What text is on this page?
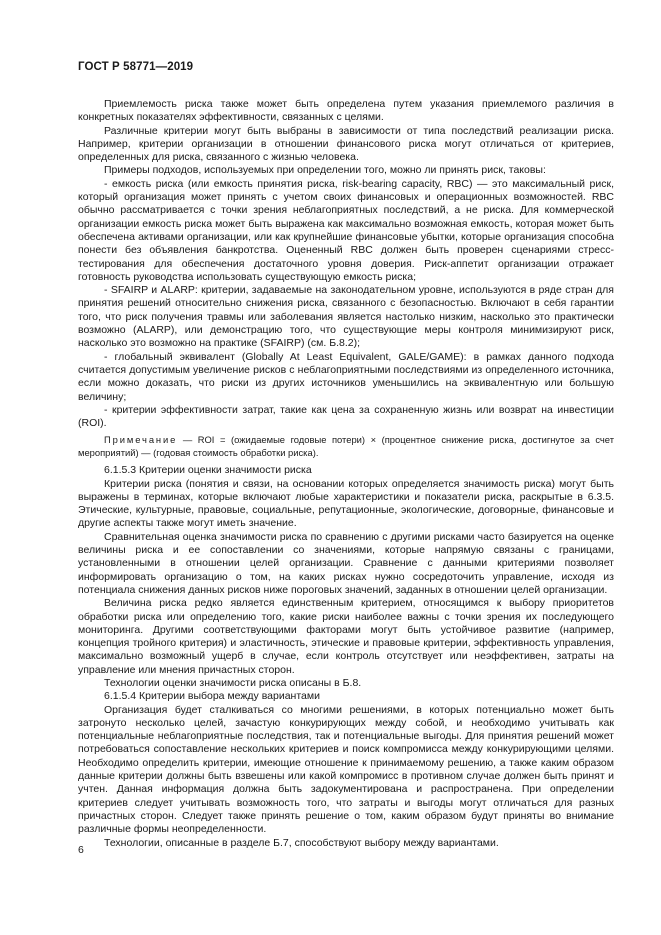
ГОСТ Р 58771—2019

Приемлемость риска также может быть определена путем указания приемлемого различия в конкретных показателях эффективности, связанных с целями.

Различные критерии могут быть выбраны в зависимости от типа последствий реализации риска. Например, критерии организации в отношении финансового риска могут отличаться от критериев, определенных для риска, связанного с жизнью человека.

Примеры подходов, используемых при определении того, можно ли принять риск, таковы:

- емкость риска (или емкость принятия риска, risk-bearing capacity, RBC) — это максимальный риск, который организация может принять с учетом своих финансовых и операционных возможностей. RBC обычно рассматривается с точки зрения неблагоприятных последствий, а не риска. Для коммерческой организации емкость риска может быть выражена как максимально возможная емкость, которая может быть обеспечена активами организации, или как крупнейшие финансовые убытки, которые организация способна понести без объявления банкротства. Оцененный RBC должен быть проверен сценариями стресс-тестирования для обеспечения достаточного уровня доверия. Риск-аппетит организации отражает готовность руководства использовать существующую емкость риска;

- SFAIRP и ALARP: критерии, задаваемые на законодательном уровне, используются в ряде стран для принятия решений относительно снижения риска, связанного с безопасностью. Включают в себя гарантии того, что риск получения травмы или заболевания является настолько низким, насколько это практически возможно (ALARP), или демонстрацию того, что существующие меры контроля минимизируют риск, насколько это возможно на практике (SFAIRP) (см. Б.8.2);

- глобальный эквивалент (Globally At Least Equivalent, GALE/GAME): в рамках данного подхода считается допустимым увеличение рисков с неблагоприятными последствиями из определенного источника, если можно доказать, что риски из других источников уменьшились на эквивалентную или большую величину;

- критерии эффективности затрат, такие как цена за сохраненную жизнь или возврат на инвестиции (ROI).

Примечание — ROI = (ожидаемые годовые потери) × (процентное снижение риска, достигнутое за счет мероприятий) — (годовая стоимость обработки риска).

6.1.5.3 Критерии оценки значимости риска

Критерии риска (понятия и связи, на основании которых определяется значимость риска) могут быть выражены в терминах, которые включают любые характеристики и показатели риска, раскрытые в 6.3.5. Этические, культурные, правовые, социальные, репутационные, экологические, договорные, финансовые и другие аспекты также могут иметь значение.

Сравнительная оценка значимости риска по сравнению с другими рисками часто базируется на оценке величины риска и ее сопоставлении со значениями, которые напрямую связаны с границами, установленными в отношении целей организации. Сравнение с данными критериями позволяет информировать организацию о том, на каких рисках нужно сосредоточить управление, исходя из потенциала снижения данных рисков ниже пороговых значений, заданных в отношении целей организации.

Величина риска редко является единственным критерием, относящимся к выбору приоритетов обработки риска или определению того, какие риски наиболее важны с точки зрения их последующего мониторинга. Другими соответствующими факторами могут быть устойчивое развитие (например, концепция тройного критерия) и эластичность, этические и правовые критерии, эффективность управления, максимально возможный ущерб в случае, если контроль отсутствует или неэффективен, затраты на управление или мнения причастных сторон.

Технологии оценки значимости риска описаны в Б.8.

6.1.5.4 Критерии выбора между вариантами

Организация будет сталкиваться со многими решениями, в которых потенциально может быть затронуто несколько целей, зачастую конкурирующих между собой, и необходимо учитывать как потенциальные неблагоприятные последствия, так и потенциальные выгоды. Для принятия решений может потребоваться сопоставление нескольких критериев и поиск компромисса между конкурирующими целями. Необходимо определить критерии, имеющие отношение к принимаемому решению, а также каким образом данные критерии должны быть взвешены или какой компромисс в противном случае должен быть принят и учтен. Данная информация должна быть задокументирована и распространена. При определении критериев следует учитывать возможность того, что затраты и выгоды могут отличаться для разных причастных сторон. Следует также принять решение о том, каким образом будут приняты во внимание различные формы неопределенности.

Технологии, описанные в разделе Б.7, способствуют выбору между вариантами.

6
